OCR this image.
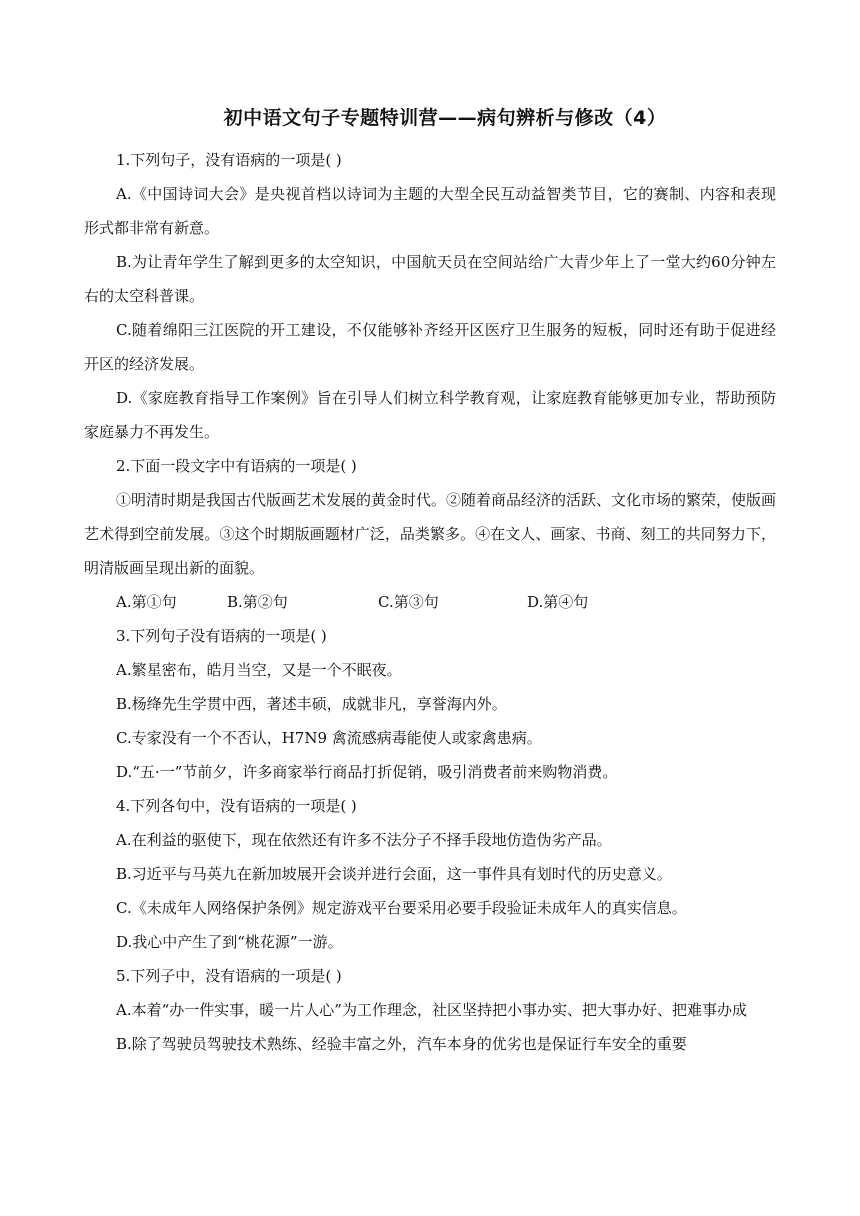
初中语文句子专题特训营——病句辨析与修改（4）

1.下列句子，没有语病的一项是( )

A.《中国诗词大会》是央视首档以诗词为主题的大型全民互动益智类节目，它的赛制、内容和表现形式都非常有新意。

B.为让青年学生了解到更多的太空知识，中国航天员在空间站给广大青少年上了一堂大约60分钟左右的太空科普课。

C.随着绵阳三江医院的开工建设，不仅能够补齐经开区医疗卫生服务的短板，同时还有助于促进经开区的经济发展。

D.《家庭教育指导工作案例》旨在引导人们树立科学教育观，让家庭教育能够更加专业，帮助预防家庭暴力不再发生。

2.下面一段文字中有语病的一项是( )

①明清时期是我国古代版画艺术发展的黄金时代。②随着商品经济的活跃、文化市场的繁荣，使版画艺术得到空前发展。③这个时期版画题材广泛，品类繁多。④在文人、画家、书商、刻工的共同努力下，明清版画呈现出新的面貌。

A.第①句	B.第②句	C.第③句	D.第④句

3.下列句子没有语病的一项是( )

A.繁星密布，皓月当空，又是一个不眠夜。

B.杨绛先生学贯中西，著述丰硕，成就非凡，享誉海内外。

C.专家没有一个不否认，H7N9 禽流感病毒能使人或家禽患病。

D.“五·一”节前夕，许多商家举行商品打折促销，吸引消费者前来购物消费。

4.下列各句中，没有语病的一项是( )

A.在利益的驱使下，现在依然还有许多不法分子不择手段地仿造伪劣产品。

B.习近平与马英九在新加坡展开会谈并进行会面，这一事件具有划时代的历史意义。

C.《未成年人网络保护条例》规定游戏平台要采用必要手段验证未成年人的真实信息。

D.我心中产生了到“桃花源”一游。

5.下列子中，没有语病的一项是( )

A.本着“办一件实事，暖一片人心”为工作理念，社区坚持把小事办实、把大事办好、把难事办成

B.除了驾驶员驾驶技术熟练、经验丰富之外，汽车本身的优劣也是保证行车安全的重要
